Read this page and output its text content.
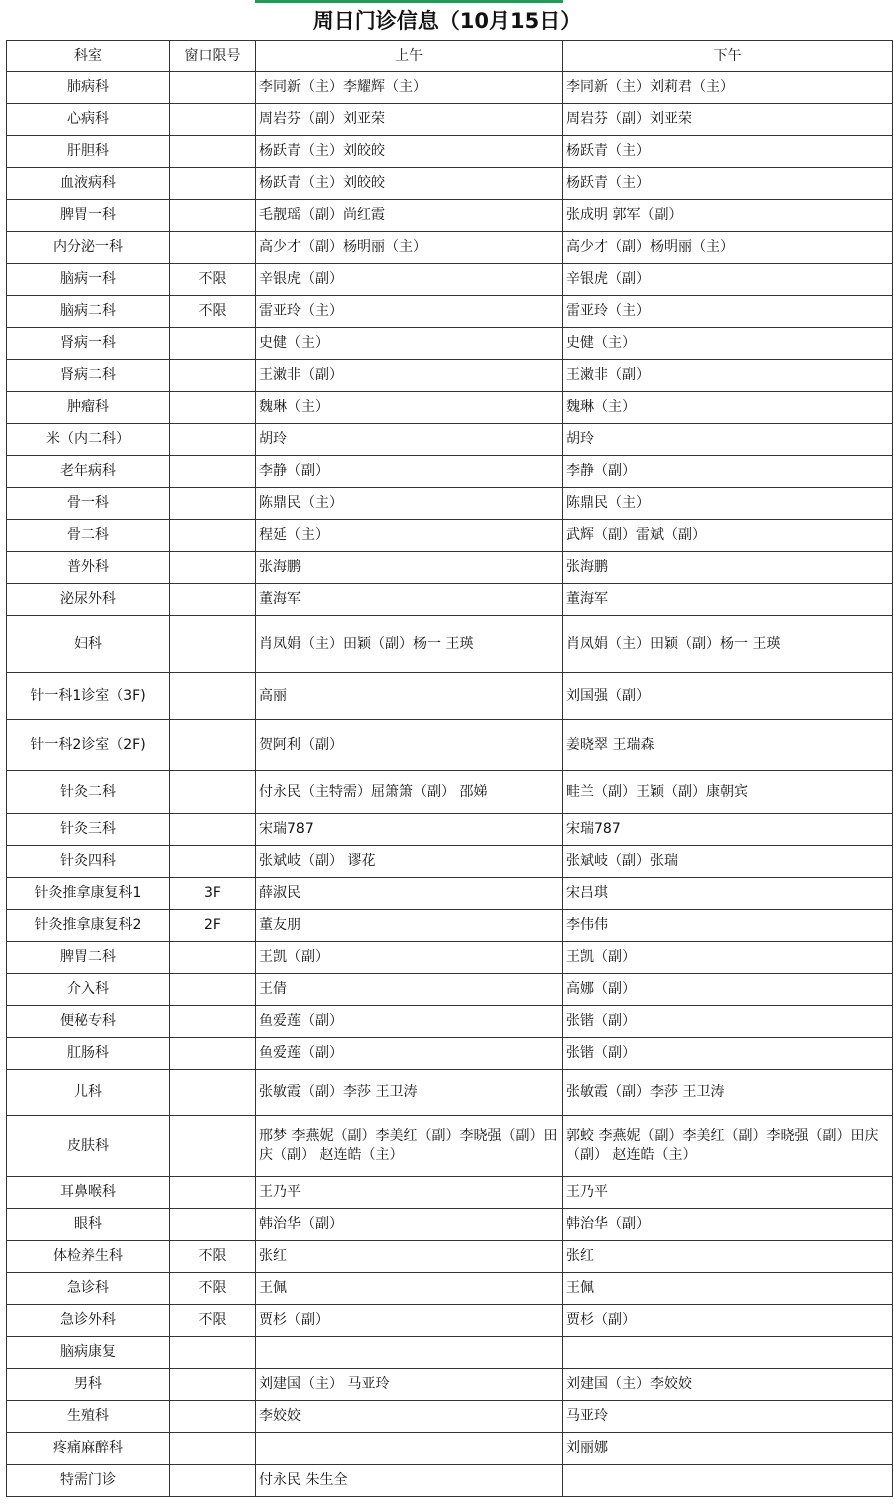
周日门诊信息（10月15日）
科室	窗口限号	上午	下午
肺病科		李同新（主）李耀辉（主）	李同新（主）刘莉君（主）
心病科		周岩芬（副）刘亚荣	周岩芬（副）刘亚荣
肝胆科		杨跃青（主）刘皎皎	杨跃青（主）
血液病科		杨跃青（主）刘皎皎	杨跃青（主）
脾胃一科		毛靓瑶（副）尚红霞	张成明 郭军（副）
内分泌一科		高少才（副）杨明丽（主）	高少才（副）杨明丽（主）
脑病一科	不限	辛银虎（副）	辛银虎（副）
脑病二科	不限	雷亚玲（主）	雷亚玲（主）
肾病一科		史健（主）	史健（主）
肾病二科		王潄非（副）	王潄非（副）
肿瘤科		魏琳（主）	魏琳（主）
米（内二科）		胡玲	胡玲
老年病科		李静（副）	李静（副）
骨一科		陈鼎民（主）	陈鼎民（主）
骨二科		程延（主）	武辉（副）雷斌（副）
普外科		张海鹏	张海鹏
泌尿外科		董海军	董海军
妇科		肖凤娟（主）田颖（副）杨一 王瑛	肖凤娟（主）田颖（副）杨一 王瑛
针一科1诊室（3F)		高丽	刘国强（副）
针一科2诊室（2F)		贺阿利（副）	姜晓翠 王瑞森
针灸二科		付永民（主特需）屈箫箫（副） 邵娣	畦兰（副）王颖（副）康朝宾
针灸三科		宋瑞787	宋瑞787
针灸四科		张斌岐（副） 谬花	张斌岐（副）张瑞
针灸推拿康复科1	3F	薛淑民	宋吕琪
针灸推拿康复科2	2F	董友朋	李伟伟
脾胃二科		王凯（副）	王凯（副）
介入科		王倩	高娜（副）
便秘专科		鱼爱莲（副）	张锴（副）
肛肠科		鱼爱莲（副）	张锴（副）
儿科		张敏霞（副）李莎 王卫涛	张敏霞（副）李莎 王卫涛
皮肤科		邢梦 李燕妮（副）李美红（副）李晓强（副）田庆（副） 赵连皓（主）	郭蛟 李燕妮（副）李美红（副）李晓强（副）田庆（副） 赵连皓（主）
耳鼻喉科		王乃平	王乃平
眼科		韩治华（副）	韩治华（副）
体检养生科	不限	张红	张红
急诊科	不限	王佩	王佩
急诊外科	不限	贾杉（副）	贾杉（副）
脑病康复			
男科		刘建国（主） 马亚玲	刘建国（主）李姣姣
生殖科		李姣姣	马亚玲
疼痛麻醉科			刘丽娜
特需门诊		付永民 朱生全	
